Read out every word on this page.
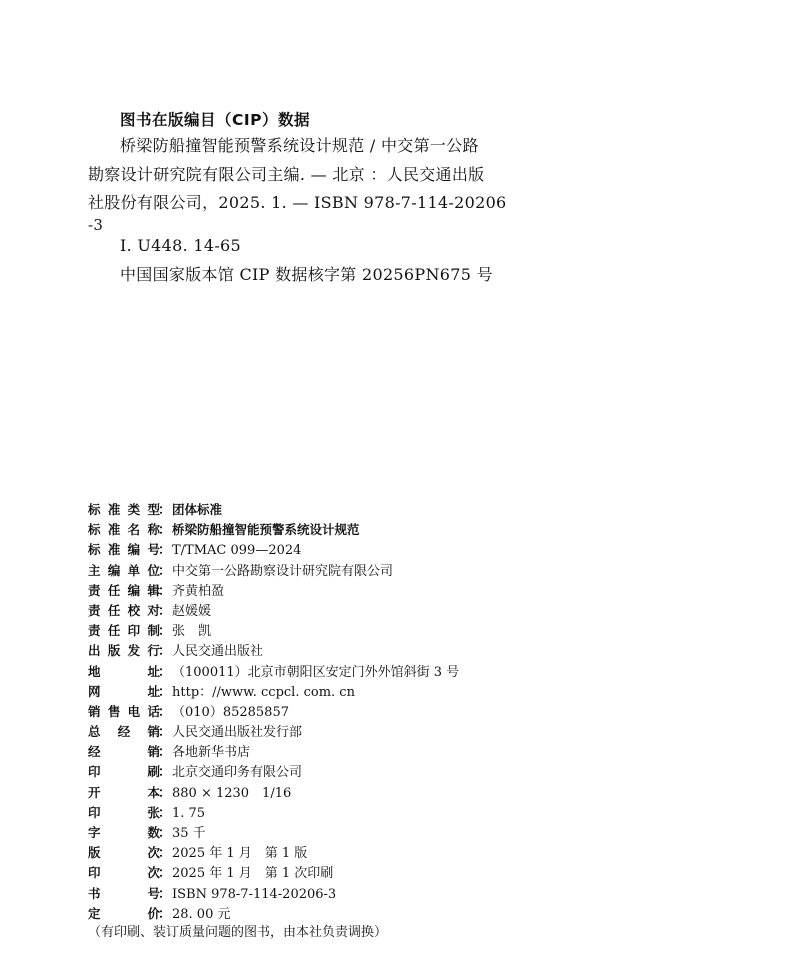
图书在版编目（CIP）数据
桥梁防船撞智能预警系统设计规范 / 中交第一公路
勘察设计研究院有限公司主编. — 北京 ：人民交通出版
社股份有限公司，2025. 1. — ISBN 978-7-114-20206
-3
Ⅰ. U448. 14-65
中国国家版本馆 CIP 数据核字第 20256PN675 号
标 准 类 型
： 团体标准
标 准 名 称
： 桥梁防船撞智能预警系统设计规范
标 准 编 号
： T/TMAC 099—2024
主 编 单 位
： 中交第一公路勘察设计研究院有限公司
责 任 编 辑
： 齐黄柏盈
责 任 校 对
： 赵媛媛
责 任 印 制
： 张　凯
出 版 发 行
： 人民交通出版社
地	址
： （100011）北京市朝阳区安定门外外馆斜街 3 号
网	址
： http：//www. ccpcl. com. cn
销 售 电 话
： （010）85285857
总 经 销
： 人民交通出版社发行部
经	销
： 各地新华书店
印	刷
： 北京交通印务有限公司
开	本
： 880 × 1230　1/16
印	张
： 1. 75
字	数
： 35 千
版	次
： 2025 年 1 月　第 1 版
印	次
： 2025 年 1 月　第 1 次印刷
书	号
： ISBN 978-7-114-20206-3
定	价
： 28. 00 元
（有印刷、装订质量问题的图书，由本社负责调换）
